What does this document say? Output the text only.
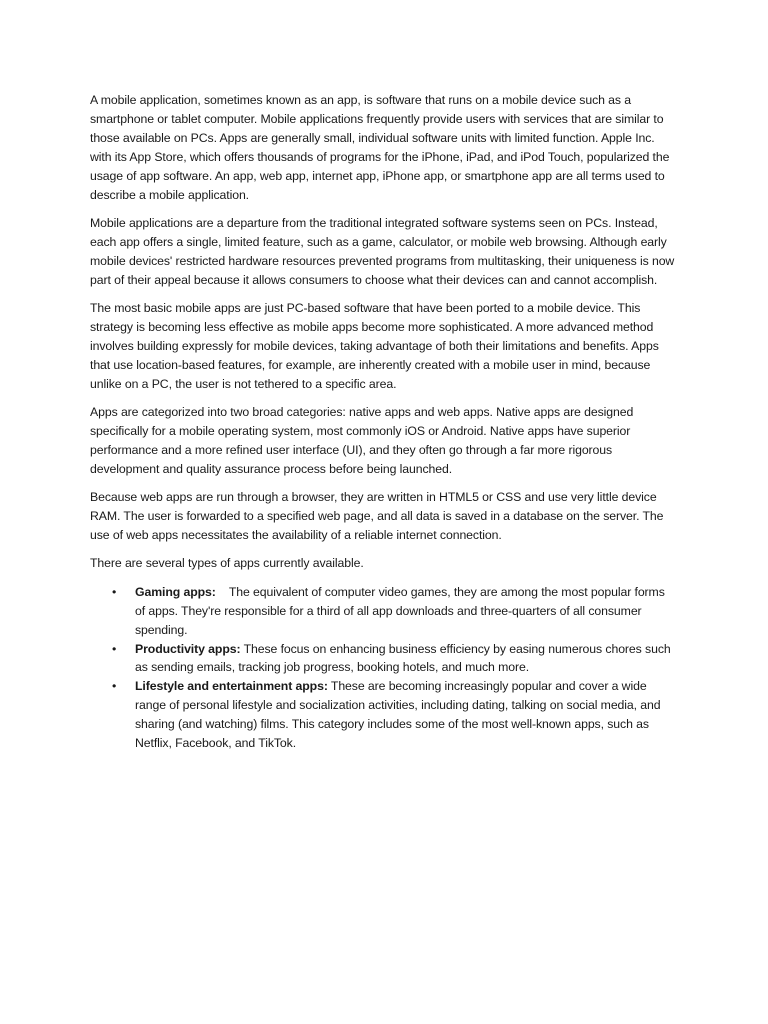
A mobile application, sometimes known as an app, is software that runs on a mobile device such as a smartphone or tablet computer. Mobile applications frequently provide users with services that are similar to those available on PCs. Apps are generally small, individual software units with limited function. Apple Inc. with its App Store, which offers thousands of programs for the iPhone, iPad, and iPod Touch, popularized the usage of app software. An app, web app, internet app, iPhone app, or smartphone app are all terms used to describe a mobile application.

Mobile applications are a departure from the traditional integrated software systems seen on PCs. Instead, each app offers a single, limited feature, such as a game, calculator, or mobile web browsing. Although early mobile devices' restricted hardware resources prevented programs from multitasking, their uniqueness is now part of their appeal because it allows consumers to choose what their devices can and cannot accomplish.

The most basic mobile apps are just PC-based software that have been ported to a mobile device. This strategy is becoming less effective as mobile apps become more sophisticated. A more advanced method involves building expressly for mobile devices, taking advantage of both their limitations and benefits. Apps that use location-based features, for example, are inherently created with a mobile user in mind, because unlike on a PC, the user is not tethered to a specific area.

Apps are categorized into two broad categories: native apps and web apps. Native apps are designed specifically for a mobile operating system, most commonly iOS or Android. Native apps have superior performance and a more refined user interface (UI), and they often go through a far more rigorous development and quality assurance process before being launched.

Because web apps are run through a browser, they are written in HTML5 or CSS and use very little device RAM. The user is forwarded to a specified web page, and all data is saved in a database on the server. The use of web apps necessitates the availability of a reliable internet connection.

There are several types of apps currently available.

• Gaming apps:    The equivalent of computer video games, they are among the most popular forms of apps. They're responsible for a third of all app downloads and three-quarters of all consumer spending.
• Productivity apps: These focus on enhancing business efficiency by easing numerous chores such as sending emails, tracking job progress, booking hotels, and much more.
• Lifestyle and entertainment apps: These are becoming increasingly popular and cover a wide range of personal lifestyle and socialization activities, including dating, talking on social media, and sharing (and watching) films. This category includes some of the most well-known apps, such as Netflix, Facebook, and TikTok.
